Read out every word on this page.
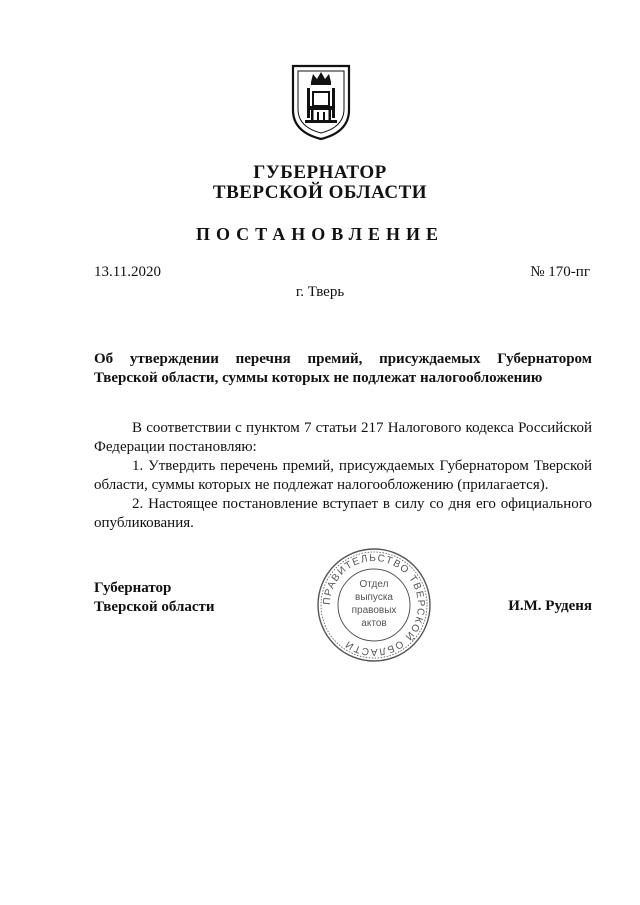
ГУБЕРНАТОР
ТВЕРСКОЙ ОБЛАСТИ
ПОСТАНОВЛЕНИЕ
13.11.2020	№ 170-пг
г. Тверь
Об утверждении перечня премий, присуждаемых Губернатором
Тверской области, суммы которых не подлежат налогообложению
В соответствии с пунктом 7 статьи 217 Налогового кодекса Российской Федерации постановляю:
1. Утвердить перечень премий, присуждаемых Губернатором Тверской области, суммы которых не подлежат налогообложению (прилагается).
2. Настоящее постановление вступает в силу со дня его официального опубликования.
Губернатор
Тверской области	И.М. Руденя
ПРАВИТЕЛЬСТВО ТВЕРСКОЙ ОБЛАСТИ
Отдел выпуска правовых актов
